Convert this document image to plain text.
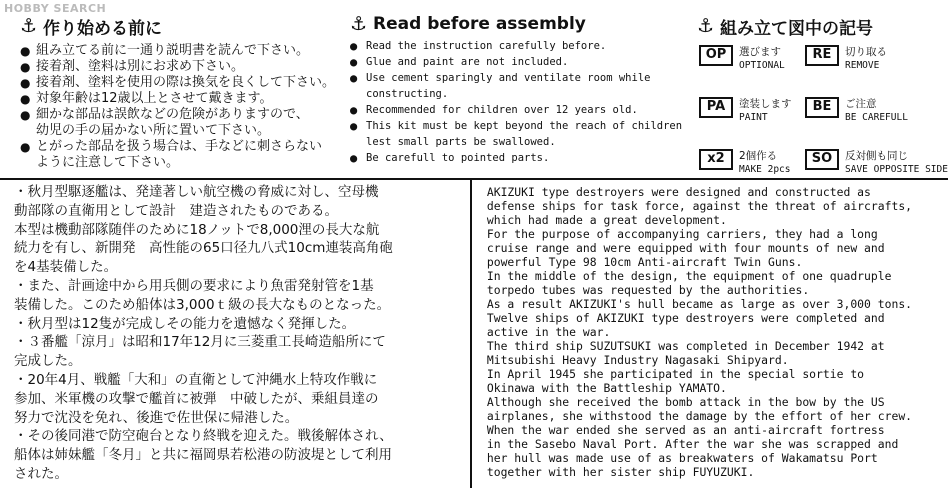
HOBBY SEARCH
⚓ 作り始める前に
● 組み立てる前に一通り説明書を読んで下さい。
● 接着剤、塗料は別にお求め下さい。
● 接着剤、塗料を使用の際は換気を良くして下さい。
● 対象年齢は12歳以上とさせて戴きます。
● 細かな部品は誤飲などの危険がありますので、
幼児の手の届かない所に置いて下さい。
● とがった部品を扱う場合は、手などに刺さらない
ように注意して下さい。
⚓ Read before assembly
● Read the instruction carefully before.
● Glue and paint are not included.
● Use cement sparingly and ventilate room while
constructing.
● Recommended for children over 12 years old.
● This kit must be kept beyond the reach of children
lest small parts be swallowed.
● Be carefull to pointed parts.
⚓ 組み立て図中の記号
OP	選びます
OPTIONAL
RE	切り取る
REMOVE
PA	塗装します
PAINT
BE	ご注意
BE CAREFULL
x2	2個作る
MAKE 2pcs
SO	反対側も同じ
SAVE OPPOSITE SIDE
・秋月型駆逐艦は、発達著しい航空機の脅威に対し、空母機
動部隊の直衛用として設計　建造されたものである。
本型は機動部隊随伴のために18ノットで8,000浬の長大な航
続力を有し、新開発　高性能の65口径九八式10cm連装高角砲
を4基装備した。
・また、計画途中から用兵側の要求により魚雷発射管を1基
装備した。このため船体は3,000ｔ級の長大なものとなった。
・秋月型は12隻が完成しその能力を遺憾なく発揮した。
・３番艦「涼月」は昭和17年12月に三菱重工長崎造船所にて
完成した。
・20年4月、戦艦「大和」の直衛として沖縄水上特攻作戦に
参加、米軍機の攻撃で艦首に被弾　中破したが、乗組員達の
努力で沈没を免れ、後進で佐世保に帰港した。
・その後同港で防空砲台となり終戦を迎えた。戦後解体され、
船体は姉妹艦「冬月」と共に福岡県若松港の防波堤として利用
された。
AKIZUKI type destroyers were designed and constructed as
defense ships for task force, against the threat of aircrafts,
which had made a great development.
For the purpose of accompanying carriers, they had a long
cruise range and were equipped with four mounts of new and
powerful Type 98 10cm Anti-aircraft Twin Guns.
In the middle of the design, the equipment of one quadruple
torpedo tubes was requested by the authorities.
As a result AKIZUKI's hull became as large as over 3,000 tons.
Twelve ships of AKIZUKI type destroyers were completed and
active in the war.
The third ship SUZUTSUKI was completed in December 1942 at
Mitsubishi Heavy Industry Nagasaki Shipyard.
In April 1945 she participated in the special sortie to
Okinawa with the Battleship YAMATO.
Although she received the bomb attack in the bow by the US
airplanes, she withstood the damage by the effort of her crew.
When the war ended she served as an anti-aircraft fortress
in the Sasebo Naval Port. After the war she was scrapped and
her hull was made use of as breakwaters of Wakamatsu Port
together with her sister ship FUYUZUKI.
